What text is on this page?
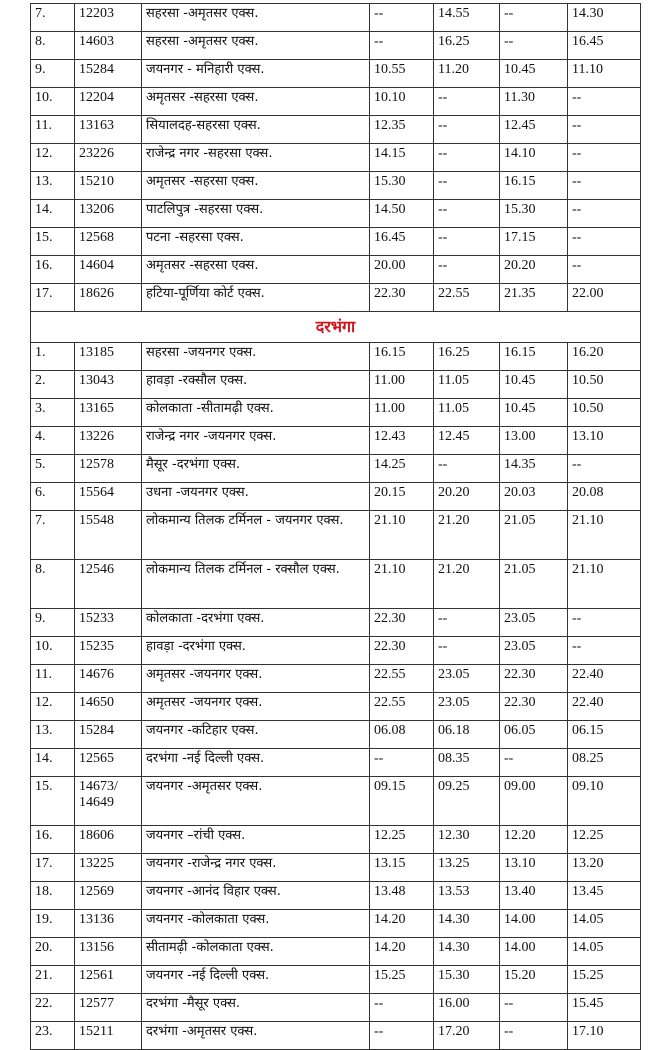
7.	12203	सहरसा -अमृतसर एक्स.	--	14.55	--	14.30
8.	14603	सहरसा -अमृतसर एक्स.	--	16.25	--	16.45
9.	15284	जयनगर - मनिहारी एक्स.	10.55	11.20	10.45	11.10
10.	12204	अमृतसर -सहरसा एक्स.	10.10	--	11.30	--
11.	13163	सियालदह-सहरसा एक्स.	12.35	--	12.45	--
12.	23226	राजेन्द्र नगर -सहरसा एक्स.	14.15	--	14.10	--
13.	15210	अमृतसर -सहरसा एक्स.	15.30	--	16.15	--
14.	13206	पाटलिपुत्र -सहरसा एक्स.	14.50	--	15.30	--
15.	12568	पटना -सहरसा एक्स.	16.45	--	17.15	--
16.	14604	अमृतसर -सहरसा एक्स.	20.00	--	20.20	--
17.	18626	हटिया-पूर्णिया कोर्ट एक्स.	22.30	22.55	21.35	22.00
दरभंगा						
1.	13185	सहरसा -जयनगर एक्स.	16.15	16.25	16.15	16.20
2.	13043	हावड़ा -रक्सौल एक्स.	11.00	11.05	10.45	10.50
3.	13165	कोलकाता -सीतामढ़ी एक्स.	11.00	11.05	10.45	10.50
4.	13226	राजेन्द्र नगर -जयनगर एक्स.	12.43	12.45	13.00	13.10
5.	12578	मैसूर -दरभंगा एक्स.	14.25	--	14.35	--
6.	15564	उधना -जयनगर एक्स.	20.15	20.20	20.03	20.08
7.	15548	लोकमान्य तिलक टर्मिनल - जयनगर एक्स.	21.10	21.20	21.05	21.10
8.	12546	लोकमान्य तिलक टर्मिनल - रक्सौल एक्स.	21.10	21.20	21.05	21.10
9.	15233	कोलकाता -दरभंगा एक्स.	22.30	--	23.05	--
10.	15235	हावड़ा -दरभंगा एक्स.	22.30	--	23.05	--
11.	14676	अमृतसर -जयनगर एक्स.	22.55	23.05	22.30	22.40
12.	14650	अमृतसर -जयनगर एक्स.	22.55	23.05	22.30	22.40
13.	15284	जयनगर -कटिहार एक्स.	06.08	06.18	06.05	06.15
14.	12565	दरभंगा -नई दिल्ली एक्स.	--	08.35	--	08.25
15.	14673/ 14649	जयनगर -अमृतसर एक्स.	09.15	09.25	09.00	09.10
16.	18606	जयनगर –रांची एक्स.	12.25	12.30	12.20	12.25
17.	13225	जयनगर -राजेन्द्र नगर एक्स.	13.15	13.25	13.10	13.20
18.	12569	जयनगर -आनंद विहार एक्स.	13.48	13.53	13.40	13.45
19.	13136	जयनगर -कोलकाता एक्स.	14.20	14.30	14.00	14.05
20.	13156	सीतामढ़ी -कोलकाता एक्स.	14.20	14.30	14.00	14.05
21.	12561	जयनगर -नई दिल्ली एक्स.	15.25	15.30	15.20	15.25
22.	12577	दरभंगा -मैसूर एक्स.	--	16.00	--	15.45
23.	15211	दरभंगा -अमृतसर एक्स.	--	17.20	--	17.10
